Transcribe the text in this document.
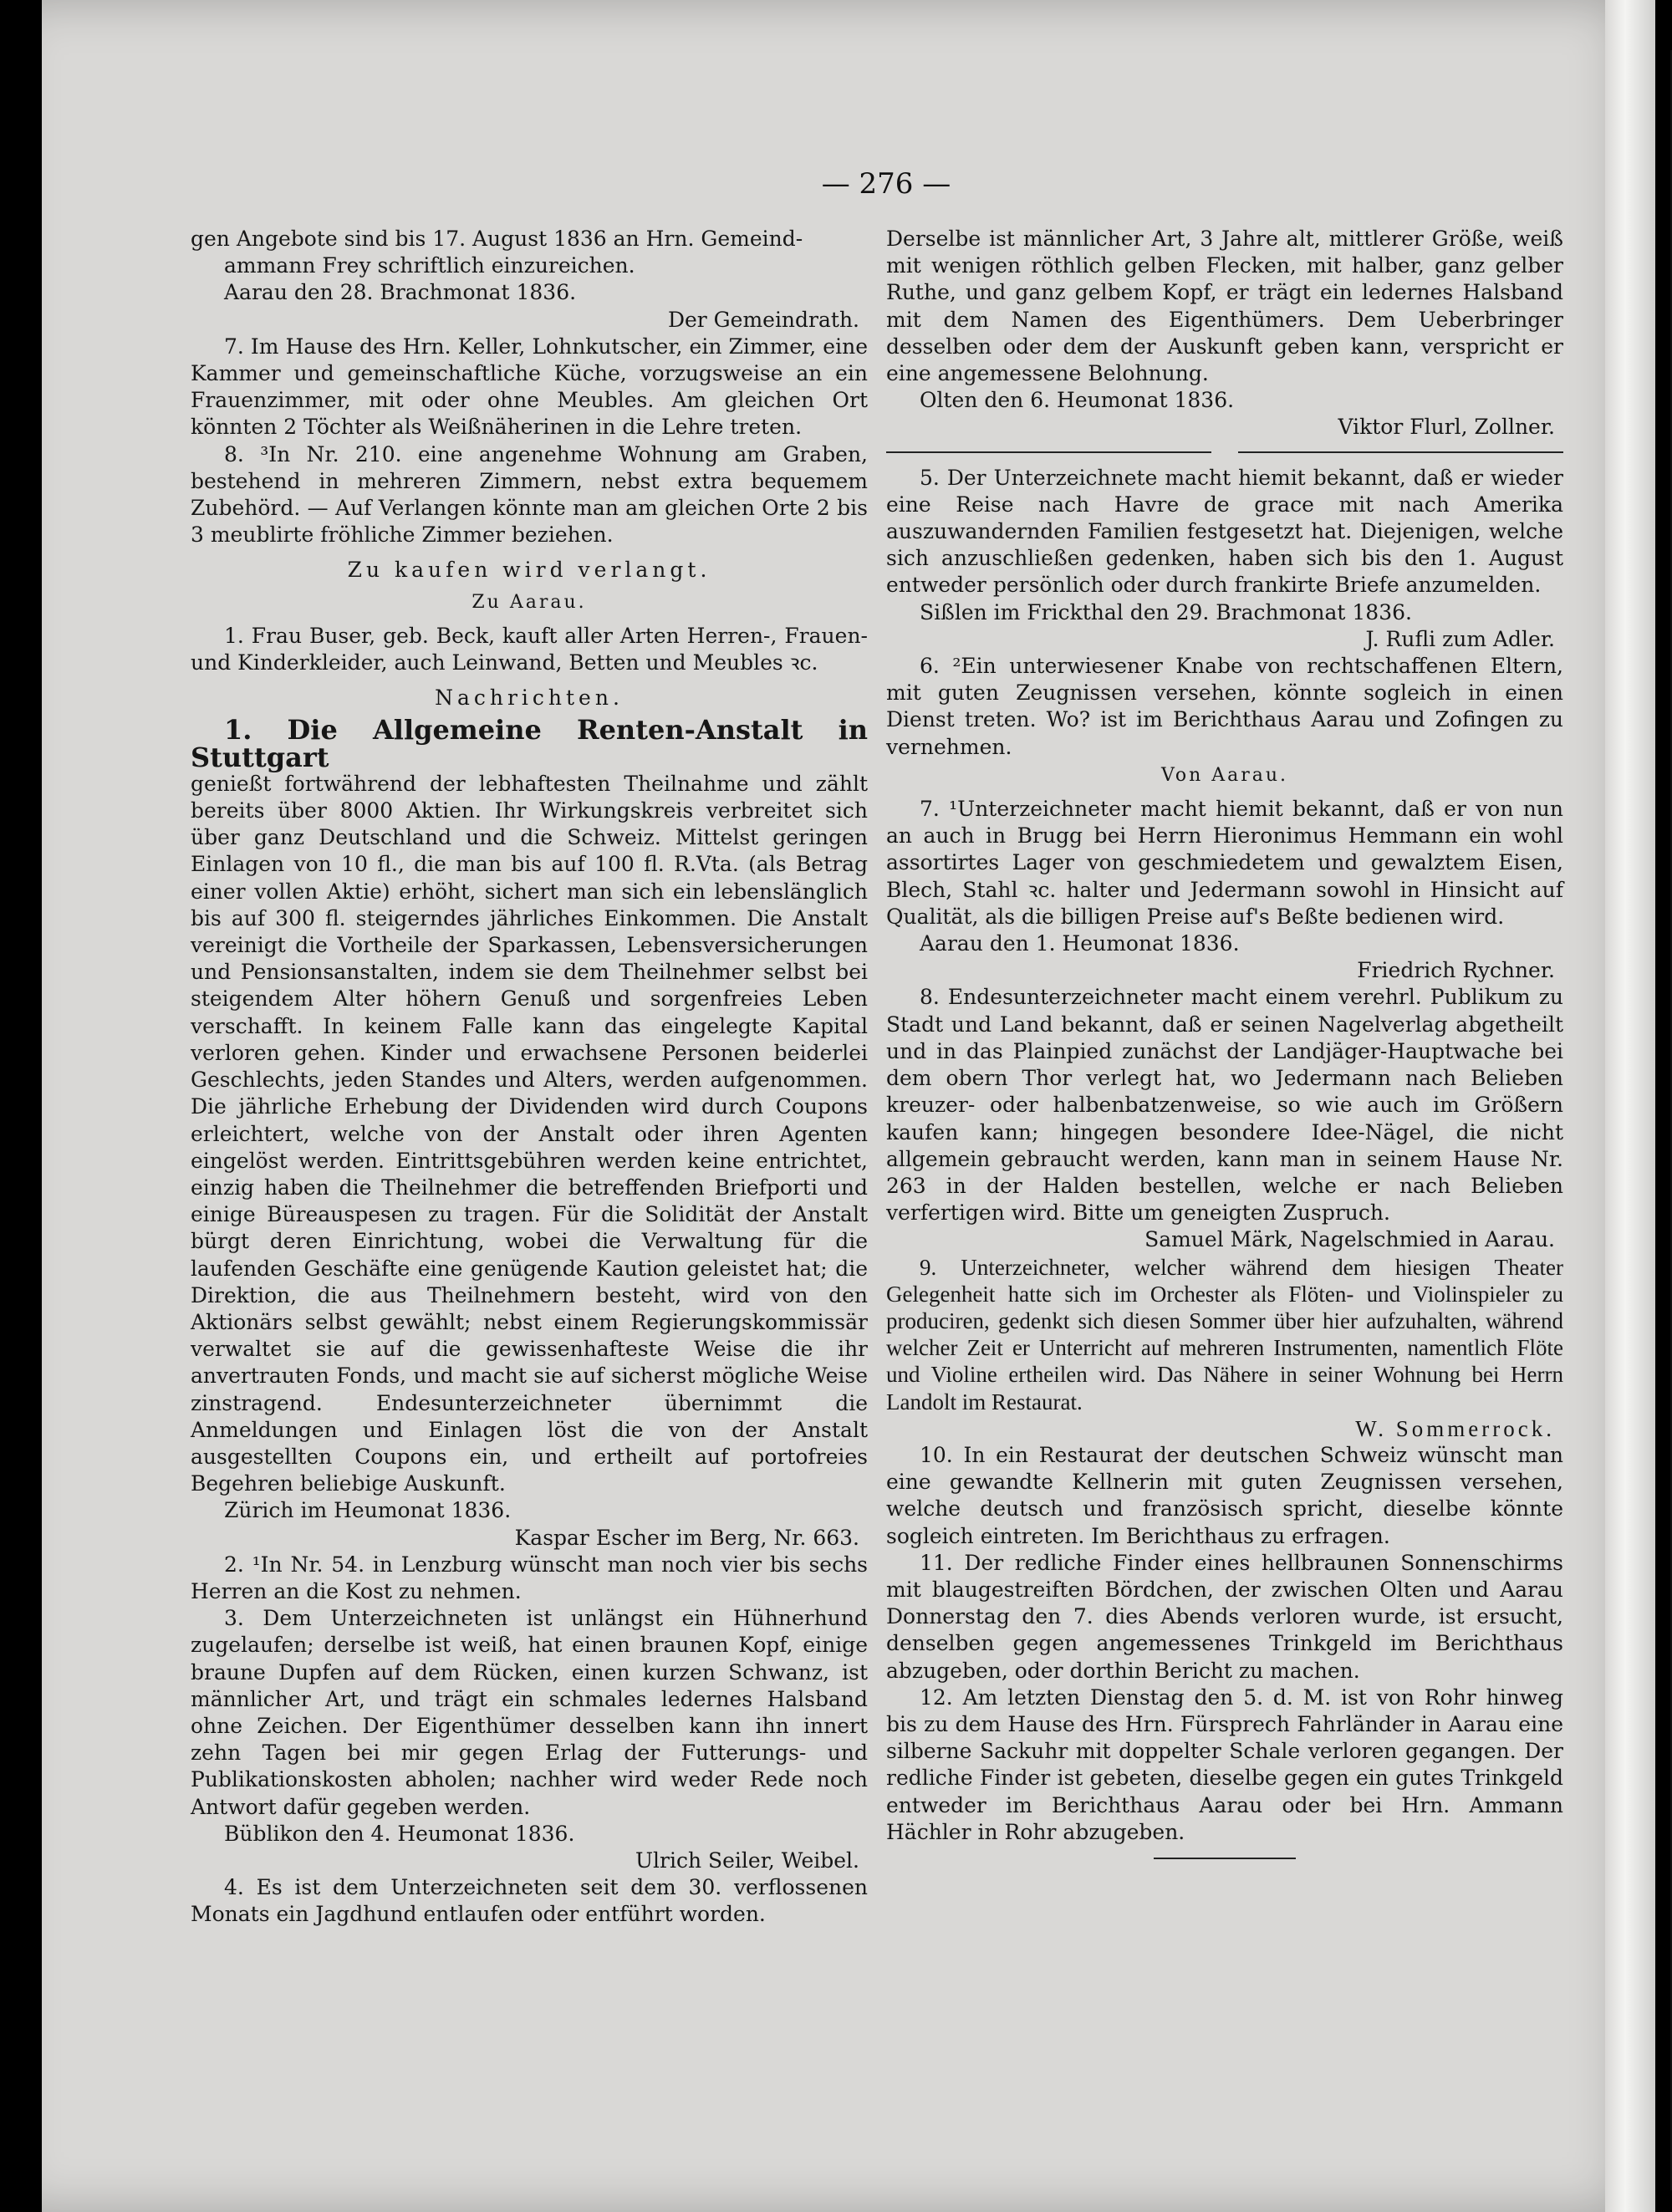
— 276 —

gen Angebote sind bis 17. August 1836 an Hrn. Gemeind-

ammann Frey schriftlich einzureichen.

Aarau den 28. Brachmonat 1836.

Der Gemeindrath.

7. Im Hause des Hrn. Keller, Lohnkutscher, ein Zimmer, eine Kammer und gemeinschaftliche Küche, vorzugsweise an ein Frauenzimmer, mit oder ohne Meubles. Am gleichen Ort könnten 2 Töchter als Weißnäherinen in die Lehre treten.

8. ³In Nr. 210. eine angenehme Wohnung am Graben, bestehend in mehreren Zimmern, nebst extra bequemem Zubehörd. — Auf Verlangen könnte man am gleichen Orte 2 bis 3 meublirte fröhliche Zimmer beziehen.

Zu kaufen wird verlangt.

Zu Aarau.

1. Frau Buser, geb. Beck, kauft aller Arten Herren-, Frauen- und Kinderkleider, auch Leinwand, Betten und Meubles ꝛc.

Nachrichten.

1. Die Allgemeine Renten-Anstalt in Stuttgart

genießt fortwährend der lebhaftesten Theilnahme und zählt bereits über 8000 Aktien. Ihr Wirkungskreis verbreitet sich über ganz Deutschland und die Schweiz. Mittelst geringen Einlagen von 10 fl., die man bis auf 100 fl. R.Vta. (als Betrag einer vollen Aktie) erhöht, sichert man sich ein lebenslänglich bis auf 300 fl. steigerndes jährliches Einkommen. Die Anstalt vereinigt die Vortheile der Sparkassen, Lebensversicherungen und Pensionsanstalten, indem sie dem Theilnehmer selbst bei steigendem Alter höhern Genuß und sorgenfreies Leben verschafft. In keinem Falle kann das eingelegte Kapital verloren gehen. Kinder und erwachsene Personen beiderlei Geschlechts, jeden Standes und Alters, werden aufgenommen. Die jährliche Erhebung der Dividenden wird durch Coupons erleichtert, welche von der Anstalt oder ihren Agenten eingelöst werden. Eintrittsgebühren werden keine entrichtet, einzig haben die Theilnehmer die betreffenden Briefporti und einige Büreauspesen zu tragen. Für die Solidität der Anstalt bürgt deren Einrichtung, wobei die Verwaltung für die laufenden Geschäfte eine genügende Kaution geleistet hat; die Direktion, die aus Theilnehmern besteht, wird von den Aktionärs selbst gewählt; nebst einem Regierungskommissär verwaltet sie auf die gewissenhafteste Weise die ihr anvertrauten Fonds, und macht sie auf sicherst mögliche Weise zinstragend. Endesunterzeichneter übernimmt die Anmeldungen und Einlagen löst die von der Anstalt ausgestellten Coupons ein, und ertheilt auf portofreies Begehren beliebige Auskunft.

Zürich im Heumonat 1836.

Kaspar Escher im Berg, Nr. 663.

2. ¹In Nr. 54. in Lenzburg wünscht man noch vier bis sechs Herren an die Kost zu nehmen.

3. Dem Unterzeichneten ist unlängst ein Hühnerhund zugelaufen; derselbe ist weiß, hat einen braunen Kopf, einige braune Dupfen auf dem Rücken, einen kurzen Schwanz, ist männlicher Art, und trägt ein schmales ledernes Halsband ohne Zeichen. Der Eigenthümer desselben kann ihn innert zehn Tagen bei mir gegen Erlag der Futterungs- und Publikationskosten abholen; nachher wird weder Rede noch Antwort dafür gegeben werden.

Büblikon den 4. Heumonat 1836.

Ulrich Seiler, Weibel.

4. Es ist dem Unterzeichneten seit dem 30. verflossenen Monats ein Jagdhund entlaufen oder entführt worden.

Derselbe ist männlicher Art, 3 Jahre alt, mittlerer Größe, weiß mit wenigen röthlich gelben Flecken, mit halber, ganz gelber Ruthe, und ganz gelbem Kopf, er trägt ein ledernes Halsband mit dem Namen des Eigenthümers. Dem Ueberbringer desselben oder dem der Auskunft geben kann, verspricht er eine angemessene Belohnung.

Olten den 6. Heumonat 1836.

Viktor Flurl, Zollner.

5. Der Unterzeichnete macht hiemit bekannt, daß er wieder eine Reise nach Havre de grace mit nach Amerika auszuwandernden Familien festgesetzt hat. Diejenigen, welche sich anzuschließen gedenken, haben sich bis den 1. August entweder persönlich oder durch frankirte Briefe anzumelden.

Sißlen im Frickthal den 29. Brachmonat 1836.

J. Rufli zum Adler.

6. ²Ein unterwiesener Knabe von rechtschaffenen Eltern, mit guten Zeugnissen versehen, könnte sogleich in einen Dienst treten. Wo? ist im Berichthaus Aarau und Zofingen zu vernehmen.

Von Aarau.

7. ¹Unterzeichneter macht hiemit bekannt, daß er von nun an auch in Brugg bei Herrn Hieronimus Hemmann ein wohl assortirtes Lager von geschmiedetem und gewalztem Eisen, Blech, Stahl ꝛc. halter und Jedermann sowohl in Hinsicht auf Qualität, als die billigen Preise auf's Beßte bedienen wird.

Aarau den 1. Heumonat 1836.

Friedrich Rychner.

8. Endesunterzeichneter macht einem verehrl. Publikum zu Stadt und Land bekannt, daß er seinen Nagelverlag abgetheilt und in das Plainpied zunächst der Landjäger-Hauptwache bei dem obern Thor verlegt hat, wo Jedermann nach Belieben kreuzer- oder halbenbatzenweise, so wie auch im Größern kaufen kann; hingegen besondere Idee-Nägel, die nicht allgemein gebraucht werden, kann man in seinem Hause Nr. 263 in der Halden bestellen, welche er nach Belieben verfertigen wird. Bitte um geneigten Zuspruch.

Samuel Märk, Nagelschmied in Aarau.

9. Unterzeichneter, welcher während dem hiesigen Theater Gelegenheit hatte sich im Orchester als Flöten- und Violinspieler zu produciren, gedenkt sich diesen Sommer über hier aufzuhalten, während welcher Zeit er Unterricht auf mehreren Instrumenten, namentlich Flöte und Violine ertheilen wird. Das Nähere in seiner Wohnung bei Herrn Landolt im Restaurat.

W. Sommerrock.

10. In ein Restaurat der deutschen Schweiz wünscht man eine gewandte Kellnerin mit guten Zeugnissen versehen, welche deutsch und französisch spricht, dieselbe könnte sogleich eintreten. Im Berichthaus zu erfragen.

11. Der redliche Finder eines hellbraunen Sonnenschirms mit blaugestreiften Bördchen, der zwischen Olten und Aarau Donnerstag den 7. dies Abends verloren wurde, ist ersucht, denselben gegen angemessenes Trinkgeld im Berichthaus abzugeben, oder dorthin Bericht zu machen.

12. Am letzten Dienstag den 5. d. M. ist von Rohr hinweg bis zu dem Hause des Hrn. Fürsprech Fahrländer in Aarau eine silberne Sackuhr mit doppelter Schale verloren gegangen. Der redliche Finder ist gebeten, dieselbe gegen ein gutes Trinkgeld entweder im Berichthaus Aarau oder bei Hrn. Ammann Hächler in Rohr abzugeben.
